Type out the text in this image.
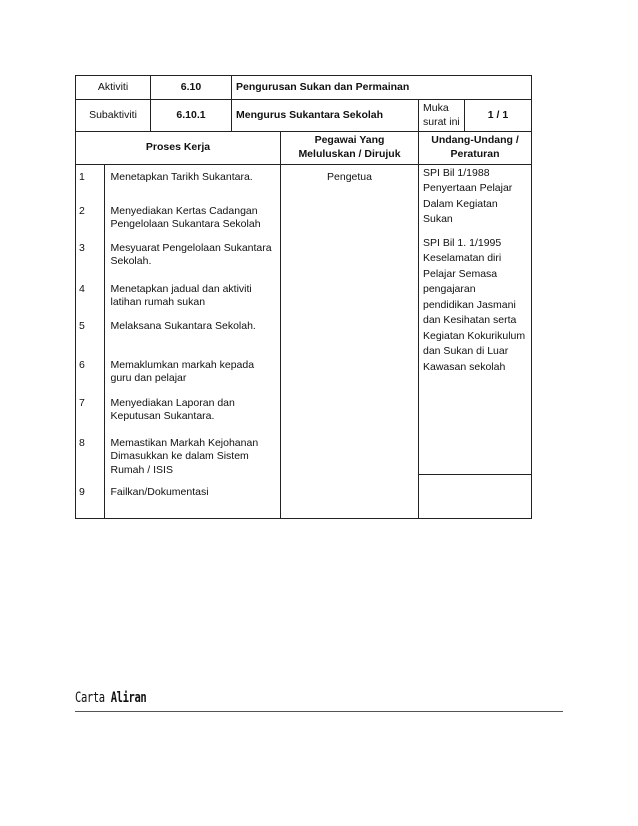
Aktiviti	6.10	Pengurusan Sukan dan Permainan
Subaktiviti	6.10.1	Mengurus Sukantara Sekolah	Muka surat ini	1 / 1
Proses Kerja	Pegawai Yang Meluluskan / Dirujuk	Undang-Undang / Peraturan

1	Menetapkan Tarikh Sukantara.
2	Menyediakan Kertas Cadangan Pengelolaan Sukantara Sekolah
3	Mesyuarat Pengelolaan Sukantara Sekolah.
4	Menetapkan jadual dan aktiviti latihan rumah sukan
5	Melaksana Sukantara Sekolah.
6	Memaklumkan markah kepada guru dan pelajar
7	Menyediakan Laporan dan Keputusan Sukantara.
8	Memastikan Markah Kejohanan Dimasukkan ke dalam Sistem Rumah / ISIS
9	Failkan/Dokumentasi
	Pengetua	SPI Bil 1/1988 Penyertaan Pelajar Dalam Kegiatan Sukan
SPI Bil 1. 1/1995 Keselamatan diri Pelajar Semasa pengajaran pendidikan Jasmani dan Kesihatan serta Kegiatan Kokurikulum dan Sukan di Luar Kawasan sekolah
Carta Aliran
